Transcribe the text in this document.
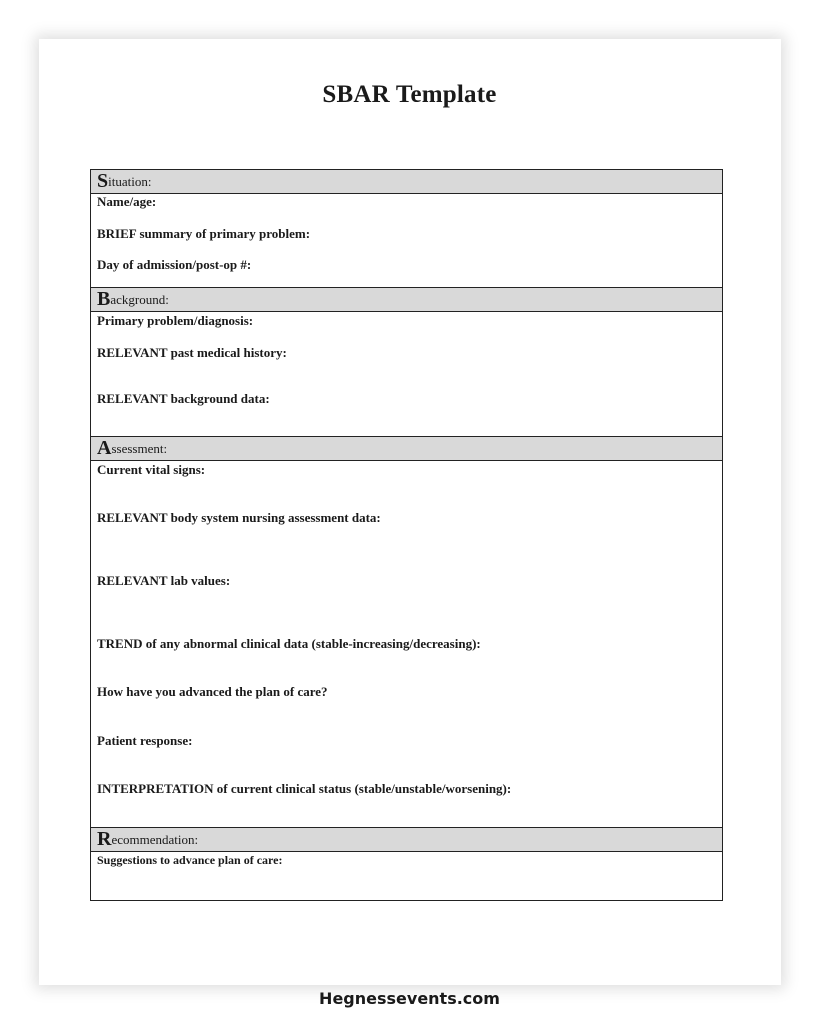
SBAR Template
Situation:
Name/age:
BRIEF summary of primary problem:
Day of admission/post-op #:
Background:
Primary problem/diagnosis:
RELEVANT past medical history:
RELEVANT background data:
Assessment:
Current vital signs:
RELEVANT body system nursing assessment data:
RELEVANT lab values:
TREND of any abnormal clinical data (stable-increasing/decreasing):
How have you advanced the plan of care?
Patient response:
INTERPRETATION of current clinical status (stable/unstable/worsening):
Recommendation:
Suggestions to advance plan of care:
Hegnessevents.com
